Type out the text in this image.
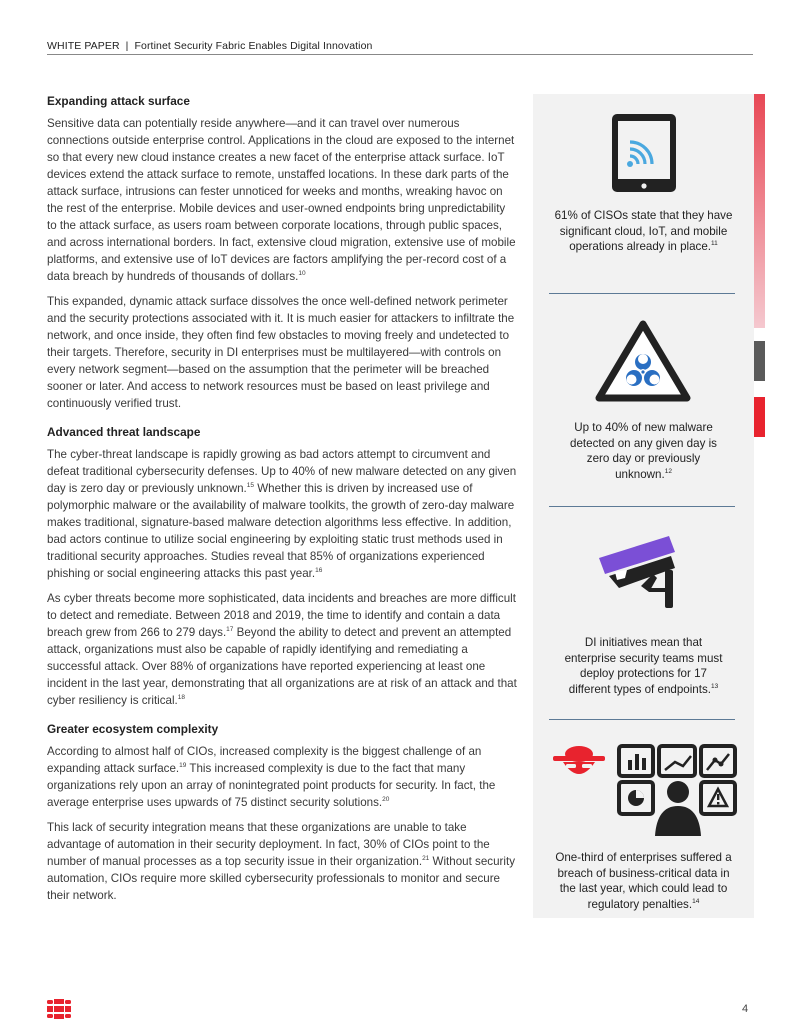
WHITE PAPER | Fortinet Security Fabric Enables Digital Innovation
Expanding attack surface

Sensitive data can potentially reside anywhere—and it can travel over numerous connections outside enterprise control. Applications in the cloud are exposed to the internet so that every new cloud instance creates a new facet of the enterprise attack surface. IoT devices extend the attack surface to remote, unstaffed locations. In these dark parts of the attack surface, intrusions can fester unnoticed for weeks and months, wreaking havoc on the rest of the enterprise. Mobile devices and user-owned endpoints bring unpredictability to the attack surface, as users roam between corporate locations, through public spaces, and across international borders. In fact, extensive cloud migration, extensive use of mobile platforms, and extensive use of IoT devices are factors amplifying the per-record cost of a data breach by hundreds of thousands of dollars.$^{10}$

This expanded, dynamic attack surface dissolves the once well-defined network perimeter and the security protections associated with it. It is much easier for attackers to infiltrate the network, and once inside, they often find few obstacles to moving freely and undetected to their targets. Therefore, security in DI enterprises must be multilayered—with controls on every network segment—based on the assumption that the perimeter will be breached sooner or later. And access to network resources must be based on least privilege and continuously verified trust.

Advanced threat landscape

The cyber-threat landscape is rapidly growing as bad actors attempt to circumvent and defeat traditional cybersecurity defenses. Up to 40% of new malware detected on any given day is zero day or previously unknown.$^{15}$ Whether this is driven by increased use of polymorphic malware or the availability of malware toolkits, the growth of zero-day malware makes traditional, signature-based malware detection algorithms less effective. In addition, bad actors continue to utilize social engineering by exploiting static trust methods used in traditional security approaches. Studies reveal that 85% of organizations experienced phishing or social engineering attacks this past year.$^{16}$

As cyber threats become more sophisticated, data incidents and breaches are more difficult to detect and remediate. Between 2018 and 2019, the time to identify and contain a data breach grew from 266 to 279 days.$^{17}$ Beyond the ability to detect and prevent an attempted attack, organizations must also be capable of rapidly identifying and remediating a successful attack. Over 88% of organizations have reported experiencing at least one incident in the last year, demonstrating that all organizations are at risk of an attack and that cyber resiliency is critical.$^{18}$

Greater ecosystem complexity

According to almost half of CIOs, increased complexity is the biggest challenge of an expanding attack surface.$^{19}$ This increased complexity is due to the fact that many organizations rely upon an array of nonintegrated point products for security. In fact, the average enterprise uses upwards of 75 distinct security solutions.$^{20}$

This lack of security integration means that these organizations are unable to take advantage of automation in their security deployment. In fact, 30% of CIOs point to the number of manual processes as a top security issue in their organization.$^{21}$ Without security automation, CIOs require more skilled cybersecurity professionals to monitor and secure their network.

61% of CISOs state that they have significant cloud, IoT, and mobile operations already in place.$^{11}$

Up to 40% of new malware detected on any given day is zero day or previously unknown.$^{12}$

DI initiatives mean that enterprise security teams must deploy protections for 17 different types of endpoints.$^{13}$

One-third of enterprises suffered a breach of business-critical data in the last year, which could lead to regulatory penalties.$^{14}$

4
